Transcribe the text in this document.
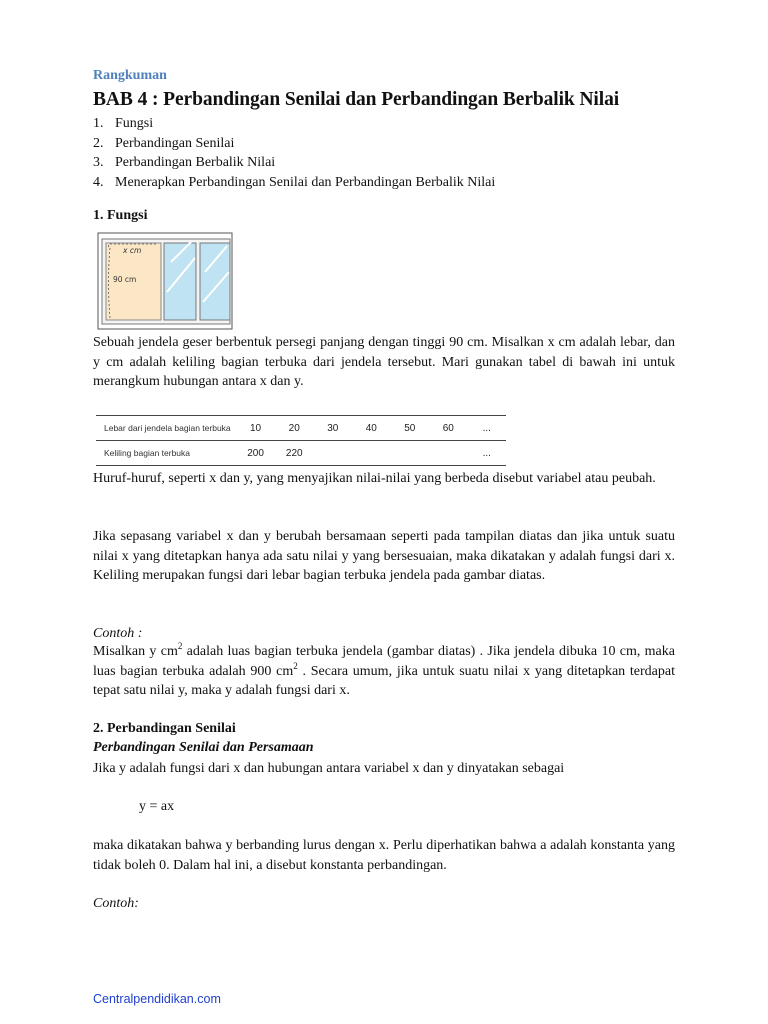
Rangkuman
BAB 4 : Perbandingan Senilai dan Perbandingan Berbalik Nilai
1. Fungsi
2. Perbandingan Senilai
3. Perbandingan Berbalik Nilai
4. Menerapkan Perbandingan Senilai dan Perbandingan Berbalik Nilai
1. Fungsi
x cm
90 cm

Sebuah jendela geser berbentuk persegi panjang dengan tinggi 90 cm. Misalkan x cm adalah lebar, dan y cm adalah keliling bagian terbuka dari jendela tersebut. Mari gunakan tabel di bawah ini untuk merangkum hubungan antara x dan y.

Lebar dari jendela bagian terbuka	10	20	30	40	50	60	...
Keliling bagian terbuka	200	220					...

Huruf-huruf, seperti x dan y, yang menyajikan nilai-nilai yang berbeda disebut variabel atau peubah.

Jika sepasang variabel x dan y berubah bersamaan seperti pada tampilan diatas dan jika untuk suatu nilai x yang ditetapkan hanya ada satu nilai y yang bersesuaian, maka dikatakan y adalah fungsi dari x. Keliling merupakan fungsi dari lebar bagian terbuka jendela pada gambar diatas.

Contoh :

Misalkan y $cm^2$ adalah luas bagian terbuka jendela (gambar diatas) . Jika jendela dibuka 10 cm, maka luas bagian terbuka adalah 900 $cm^2$ . Secara umum, jika untuk suatu nilai x yang ditetapkan terdapat tepat satu nilai y, maka y adalah fungsi dari x.

2. Perbandingan Senilai
Perbandingan Senilai dan Persamaan

Jika y adalah fungsi dari x dan hubungan antara variabel x dan y dinyatakan sebagai

y = ax

maka dikatakan bahwa y berbanding lurus dengan x. Perlu diperhatikan bahwa a adalah konstanta yang tidak boleh 0. Dalam hal ini, a disebut konstanta perbandingan.

Contoh:

Centralpendidikan.com
